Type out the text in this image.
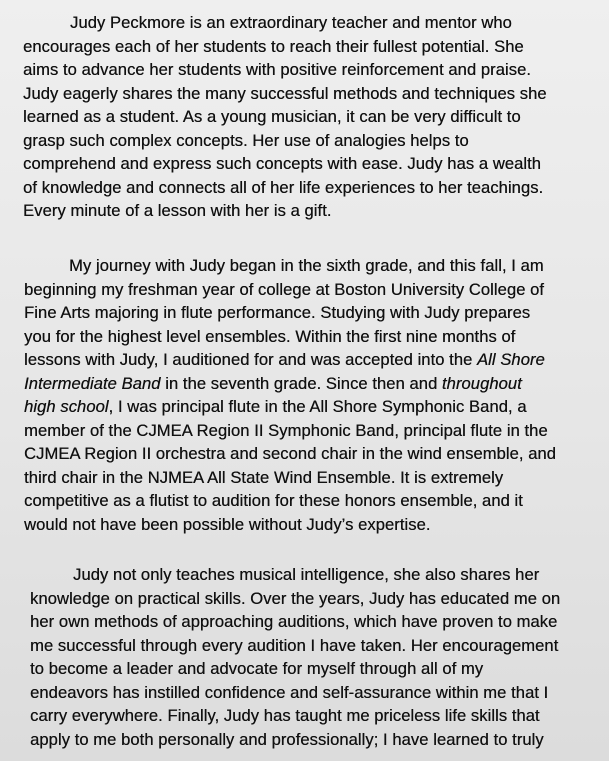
Judy Peckmore is an extraordinary teacher and mentor who
encourages each of her students to reach their fullest potential. She
aims to advance her students with positive reinforcement and praise.
Judy eagerly shares the many successful methods and techniques she
learned as a student. As a young musician, it can be very difficult to
grasp such complex concepts. Her use of analogies helps to
comprehend and express such concepts with ease. Judy has a wealth
of knowledge and connects all of her life experiences to her teachings.
Every minute of a lesson with her is a gift.
My journey with Judy began in the sixth grade, and this fall, I am
beginning my freshman year of college at Boston University College of
Fine Arts majoring in flute performance. Studying with Judy prepares
you for the highest level ensembles. Within the first nine months of
lessons with Judy, I auditioned for and was accepted into the All Shore
Intermediate Band in the seventh grade. Since then and throughout
high school, I was principal flute in the All Shore Symphonic Band, a
member of the CJMEA Region II Symphonic Band, principal flute in the
CJMEA Region II orchestra and second chair in the wind ensemble, and
third chair in the NJMEA All State Wind Ensemble. It is extremely
competitive as a flutist to audition for these honors ensemble, and it
would not have been possible without Judy’s expertise.
Judy not only teaches musical intelligence, she also shares her
knowledge on practical skills. Over the years, Judy has educated me on
her own methods of approaching auditions, which have proven to make
me successful through every audition I have taken. Her encouragement
to become a leader and advocate for myself through all of my
endeavors has instilled confidence and self-assurance within me that I
carry everywhere. Finally, Judy has taught me priceless life skills that
apply to me both personally and professionally; I have learned to truly
